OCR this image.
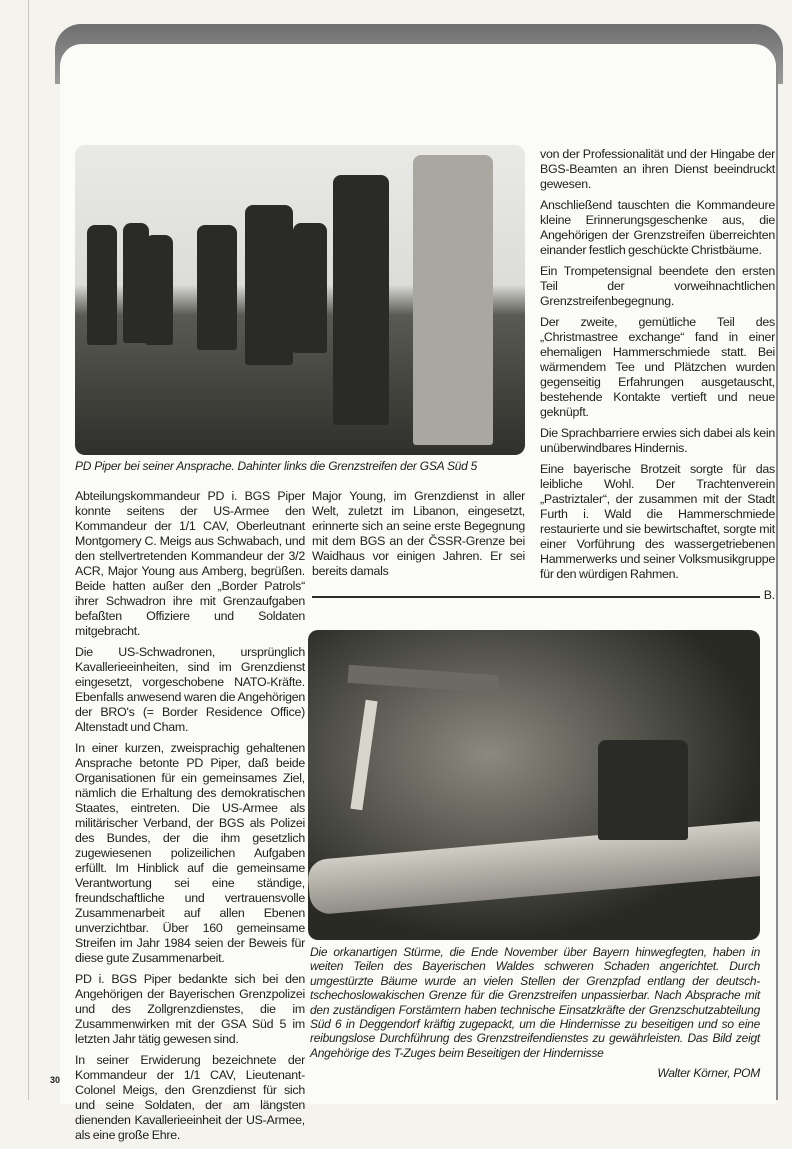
PD Piper bei seiner Ansprache. Dahinter links die Grenzstreifen der GSA Süd 5

Abteilungskommandeur PD i. BGS Piper konnte seitens der US-Armee den Kommandeur der 1/1 CAV, Oberleutnant Montgomery C. Meigs aus Schwabach, und den stellvertretenden Kommandeur der 3/2 ACR, Major Young aus Amberg, begrüßen. Beide hatten außer den „Border Patrols“ ihrer Schwadron ihre mit Grenzaufgaben befaßten Offiziere und Soldaten mitgebracht.

Die US-Schwadronen, ursprünglich Kavallerieeinheiten, sind im Grenzdienst eingesetzt, vorgeschobene NATO-Kräfte. Ebenfalls anwesend waren die Angehörigen der BRO's (= Border Residence Office) Altenstadt und Cham.

In einer kurzen, zweisprachig gehaltenen Ansprache betonte PD Piper, daß beide Organisationen für ein gemeinsames Ziel, nämlich die Erhaltung des demokratischen Staates, eintreten. Die US-Armee als militärischer Verband, der BGS als Polizei des Bundes, der die ihm gesetzlich zugewiesenen polizeilichen Aufgaben erfüllt. Im Hinblick auf die gemeinsame Verantwortung sei eine ständige, freundschaftliche und vertrauensvolle Zusammenarbeit auf allen Ebenen unverzichtbar. Über 160 gemeinsame Streifen im Jahr 1984 seien der Beweis für diese gute Zusammenarbeit.

PD i. BGS Piper bedankte sich bei den Angehörigen der Bayerischen Grenzpolizei und des Zollgrenzdienstes, die im Zusammenwirken mit der GSA Süd 5 im letzten Jahr tätig gewesen sind.

In seiner Erwiderung bezeichnete der Kommandeur der 1/1 CAV, Lieutenant-Colonel Meigs, den Grenzdienst für sich und seine Soldaten, der am längsten dienenden Kavallerieeinheit der US-Armee, als eine große Ehre.

Major Young, im Grenzdienst in aller Welt, zuletzt im Libanon, eingesetzt, erinnerte sich an seine erste Begegnung mit dem BGS an der ČSSR-Grenze bei Waidhaus vor einigen Jahren. Er sei bereits damals

von der Professionalität und der Hingabe der BGS-Beamten an ihren Dienst beeindruckt gewesen.

Anschließend tauschten die Kommandeure kleine Erinnerungsgeschenke aus, die Angehörigen der Grenzstreifen überreichten einander festlich geschückte Christbäume.

Ein Trompetensignal beendete den ersten Teil der vorweihnachtlichen Grenzstreifenbegegnung.

Der zweite, gemütliche Teil des „Christmastree exchange“ fand in einer ehemaligen Hammerschmiede statt. Bei wärmendem Tee und Plätzchen wurden gegenseitig Erfahrungen ausgetauscht, bestehende Kontakte vertieft und neue geknüpft.

Die Sprachbarriere erwies sich dabei als kein unüberwindbares Hindernis.

Eine bayerische Brotzeit sorgte für das leibliche Wohl. Der Trachtenverein „Pastriztaler“, der zusammen mit der Stadt Furth i. Wald die Hammerschmiede restaurierte und sie bewirtschaftet, sorgte mit einer Vorführung des wassergetriebenen Hammerwerks und seiner Volksmusikgruppe für den würdigen Rahmen.

B.

Die orkanartigen Stürme, die Ende November über Bayern hinwegfegten, haben in weiten Teilen des Bayerischen Waldes schweren Schaden angerichtet. Durch umgestürzte Bäume wurde an vielen Stellen der Grenzpfad entlang der deutsch-tschechoslowakischen Grenze für die Grenzstreifen unpassierbar. Nach Absprache mit den zuständigen Forstämtern haben technische Einsatzkräfte der Grenzschutzabteilung Süd 6 in Deggendorf kräftig zugepackt, um die Hindernisse zu beseitigen und so eine reibungslose Durchführung des Grenzstreifendienstes zu gewährleisten. Das Bild zeigt Angehörige des T-Zuges beim Beseitigen der Hindernisse

Walter Körner, POM

30
